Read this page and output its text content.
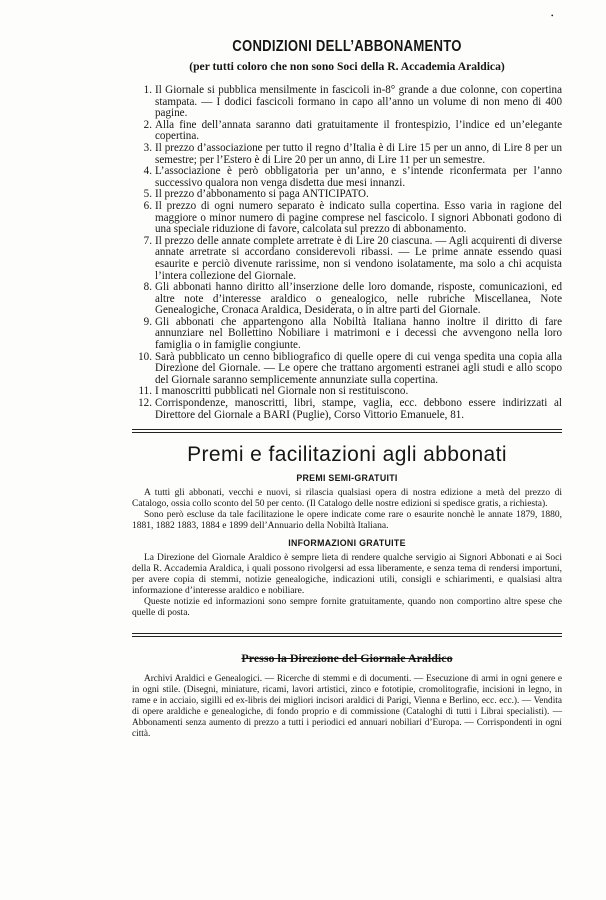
•
CONDIZIONI DELL’ABBONAMENTO
(per tutti coloro che non sono Soci della R. Accademia Araldica)
1. Il Giornale si pubblica mensilmente in fascicoli in-8° grande a due colonne, con copertina stampata. — I dodici fascicoli formano in capo all’anno un volume di non meno di 400 pagine.
2. Alla fine dell’annata saranno dati gratuitamente il frontespizio, l’indice ed un’elegante copertina.
3. Il prezzo d’associazione per tutto il regno d’Italia è di Lire 15 per un anno, di Lire 8 per un semestre; per l’Estero è di Lire 20 per un anno, di Lire 11 per un semestre.
4. L’associazione è però obbligatoria per un’anno, e s’intende riconfermata per l’anno successivo qualora non venga disdetta due mesi innanzi.
5. Il prezzo d’abbonamento si paga ANTICIPATO.
6. Il prezzo di ogni numero separato è indicato sulla copertina. Esso varia in ragione del maggiore o minor numero di pagine comprese nel fascicolo. I signori Abbonati godono di una speciale riduzione di favore, calcolata sul prezzo di abbonamento.
7. Il prezzo delle annate complete arretrate è di Lire 20 ciascuna. — Agli acquirenti di diverse annate arretrate si accordano considerevoli ribassi. — Le prime annate essendo quasi esaurite e perciò divenute rarissime, non si vendono isolatamente, ma solo a chi acquista l’intera collezione del Giornale.
8. Gli abbonati hanno diritto all’inserzione delle loro domande, risposte, comunicazioni, ed altre note d’interesse araldico o genealogico, nelle rubriche Miscellanea, Note Genealogiche, Cronaca Araldica, Desiderata, o in altre parti del Giornale.
9. Gli abbonati che appartengono alla Nobiltà Italiana hanno inoltre il diritto di fare annunziare nel Bollettino Nobiliare i matrimoni e i decessi che avvengono nella loro famiglia o in famiglie congiunte.
10. Sarà pubblicato un cenno bibliografico di quelle opere di cui venga spedita una copia alla Direzione del Giornale. — Le opere che trattano argomenti estranei agli studi e allo scopo del Giornale saranno semplicemente annunziate sulla copertina.
11. I manoscritti pubblicati nel Giornale non si restituiscono.
12. Corrispondenze, manoscritti, libri, stampe, vaglia, ecc. debbono essere indirizzati al Direttore del Giornale a BARI (Puglie), Corso Vittorio Emanuele, 81.
Premi e facilitazioni agli abbonati
PREMI SEMI-GRATUITI

A tutti gli abbonati, vecchi e nuovi, si rilascia qualsiasi opera di nostra edizione a metà del prezzo di Catalogo, ossia collo sconto del 50 per cento. (Il Catalogo delle nostre edizioni si spedisce gratis, a richiesta).

Sono però escluse da tale facilitazione le opere indicate come rare o esaurite nonchè le annate 1879, 1880, 1881, 1882 1883, 1884 e 1899 dell’Annuario della Nobiltà Italiana.

INFORMAZIONI GRATUITE

La Direzione del Giornale Araldico è sempre lieta di rendere qualche servigio ai Signori Abbonati e ai Soci della R. Accademia Araldica, i quali possono rivolgersi ad essa liberamente, e senza tema di rendersi importuni, per avere copia di stemmi, notizie genealogiche, indicazioni utili, consigli e schiarimenti, e qualsiasi altra informazione d’interesse araldico e nobiliare.

Queste notizie ed informazioni sono sempre fornite gratuitamente, quando non comportino altre spese che quelle di posta.

Presso la Direzione del Giornale Araldico

Archivi Araldici e Genealogici. — Ricerche di stemmi e di documenti. — Esecuzione di armi in ogni genere e in ogni stile. (Disegni, miniature, ricami, lavori artistici, zinco e fototipie, cromolitografie, incisioni in legno, in rame e in acciaio, sigilli ed ex-libris dei migliori incisori araldici di Parigi, Vienna e Berlino, ecc. ecc.). — Vendita di opere araldiche e genealogiche, di fondo proprio e di commissione (Cataloghi di tutti i Librai specialisti). — Abbonamenti senza aumento di prezzo a tutti i periodici ed annuari nobiliari d’Europa. — Corrispondenti in ogni città.
